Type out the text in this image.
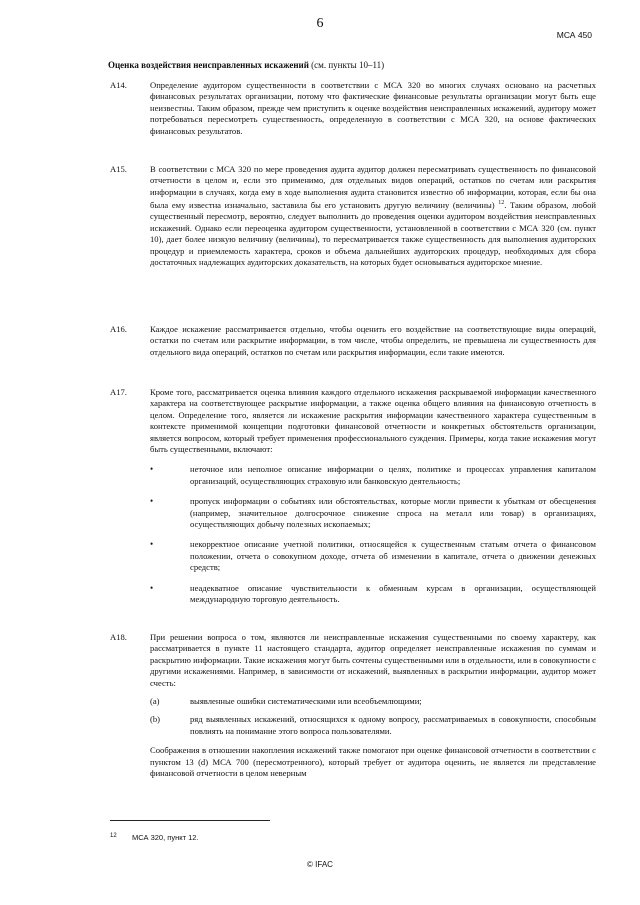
6
МСА 450
Оценка воздействия неисправленных искажений (см. пункты 10–11)
A14.	Определение аудитором существенности в соответствии с МСА 320 во многих случаях основано на расчетных финансовых результатах организации, потому что фактические финансовые результаты организации могут быть еще неизвестны. Таким образом, прежде чем приступить к оценке воздействия неисправленных искажений, аудитору может потребоваться пересмотреть существенность, определенную в соответствии с МСА 320, на основе фактических финансовых результатов.
A15.	В соответствии с МСА 320 по мере проведения аудита аудитор должен пересматривать существенность по финансовой отчетности в целом и, если это применимо, для отдельных видов операций, остатков по счетам или раскрытия информации в случаях, когда ему в ходе выполнения аудита становится известно об информации, которая, если бы она была ему известна изначально, заставила бы его установить другую величину (величины) $^{12}$. Таким образом, любой существенный пересмотр, вероятно, следует выполнить до проведения оценки аудитором воздействия неисправленных искажений. Однако если переоценка аудитором существенности, установленной в соответствии с МСА 320 (см. пункт 10), дает более низкую величину (величины), то пересматривается также существенность для выполнения аудиторских процедур и приемлемость характера, сроков и объема дальнейших аудиторских процедур, необходимых для сбора достаточных надлежащих аудиторских доказательств, на которых будет основываться аудиторское мнение.
A16.	Каждое искажение рассматривается отдельно, чтобы оценить его воздействие на соответствующие виды операций, остатки по счетам или раскрытие информации, в том числе, чтобы определить, не превышена ли существенность для отдельного вида операций, остатков по счетам или раскрытия информации, если такие имеются.
A17.	Кроме того, рассматривается оценка влияния каждого отдельного искажения раскрываемой информации качественного характера на соответствующее раскрытие информации, а также оценка общего влияния на финансовую отчетность в целом. Определение того, является ли искажение раскрытия информации качественного характера существенным в контексте применимой концепции подготовки финансовой отчетности и конкретных обстоятельств организации, является вопросом, который требует применения профессионального суждения. Примеры, когда такие искажения могут быть существенными, включают:
•	неточное или неполное описание информации о целях, политике и процессах управления капиталом организаций, осуществляющих страховую или банковскую деятельность;
•	пропуск информации о событиях или обстоятельствах, которые могли привести к убыткам от обесценения (например, значительное долгосрочное снижение спроса на металл или товар) в организациях, осуществляющих добычу полезных ископаемых;
•	некорректное описание учетной политики, относящейся к существенным статьям отчета о финансовом положении, отчета о совокупном доходе, отчета об изменении в капитале, отчета о движении денежных средств;
•	неадекватное описание чувствительности к обменным курсам в организации, осуществляющей международную торговую деятельность.
A18.	При решении вопроса о том, являются ли неисправленные искажения существенными по своему характеру, как рассматривается в пункте 11 настоящего стандарта, аудитор определяет неисправленные искажения по суммам и раскрытию информации. Такие искажения могут быть сочтены существенными или в отдельности, или в совокупности с другими искажениями. Например, в зависимости от искажений, выявленных в раскрытии информации, аудитор может счесть:
(a)	выявленные ошибки систематическими или всеобъемлющими;
(b)	ряд выявленных искажений, относящихся к одному вопросу, рассматриваемых в совокупности, способным повлиять на понимание этого вопроса пользователями.
Соображения в отношении накопления искажений также помогают при оценке финансовой отчетности в соответствии с пунктом 13 (d) МСА 700 (пересмотренного), который требует от аудитора оценить, не является ли представление финансовой отчетности в целом неверным
12 МСА 320, пункт 12.
© IFAC
